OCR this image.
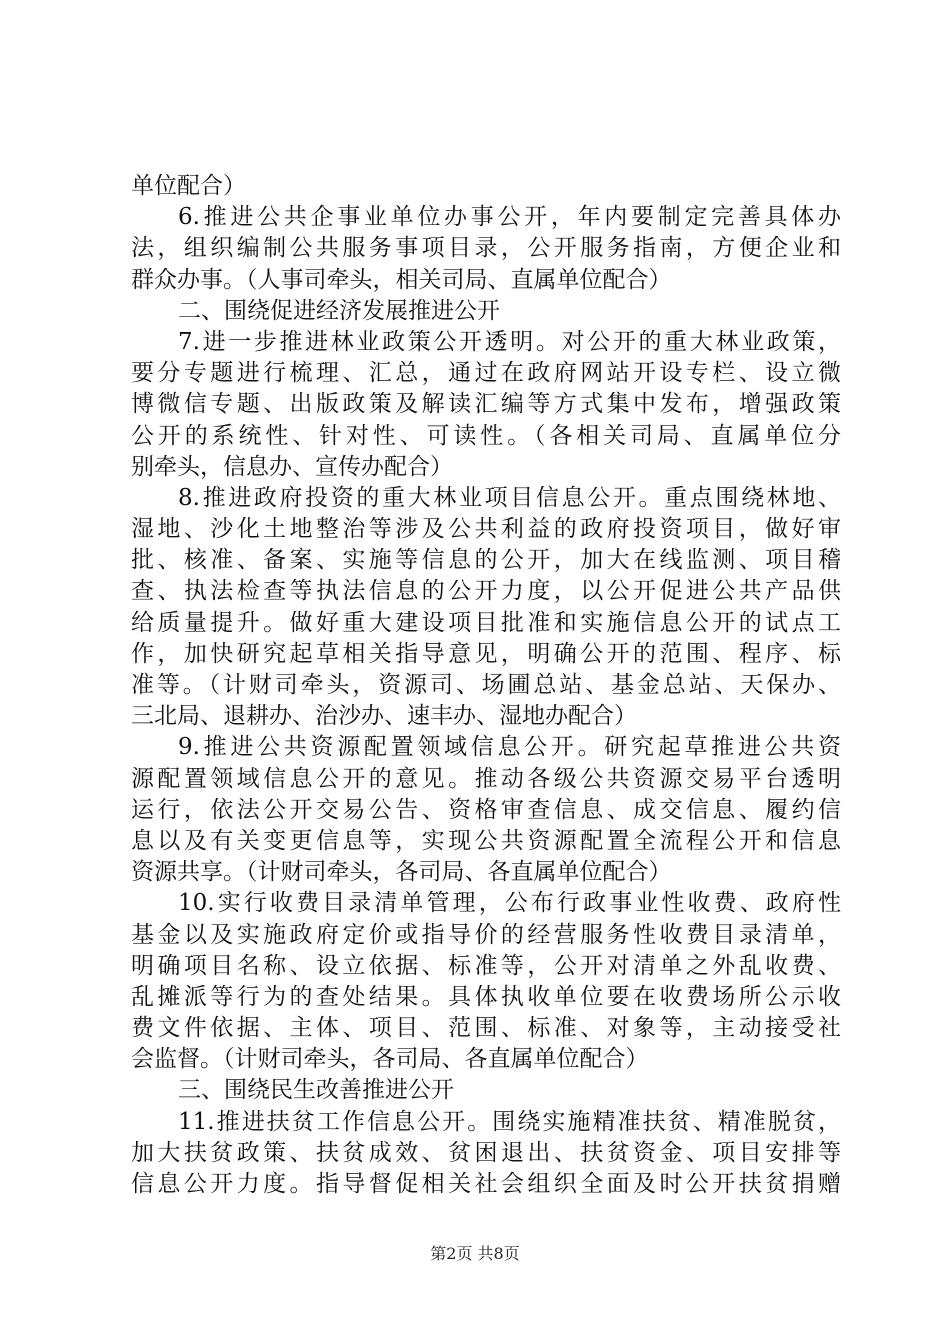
单位配合）
6.推进公共企事业单位办事公开，年内要制定完善具体办
法，组织编制公共服务事项目录，公开服务指南，方便企业和
群众办事。（人事司牵头，相关司局、直属单位配合）
二、围绕促进经济发展推进公开
7.进一步推进林业政策公开透明。对公开的重大林业政策，
要分专题进行梳理、汇总，通过在政府网站开设专栏、设立微
博微信专题、出版政策及解读汇编等方式集中发布，增强政策
公开的系统性、针对性、可读性。（各相关司局、直属单位分
别牵头，信息办、宣传办配合）
8.推进政府投资的重大林业项目信息公开。重点围绕林地、
湿地、沙化土地整治等涉及公共利益的政府投资项目，做好审
批、核准、备案、实施等信息的公开，加大在线监测、项目稽
查、执法检查等执法信息的公开力度，以公开促进公共产品供
给质量提升。做好重大建设项目批准和实施信息公开的试点工
作，加快研究起草相关指导意见，明确公开的范围、程序、标
准等。（计财司牵头，资源司、场圃总站、基金总站、天保办、
三北局、退耕办、治沙办、速丰办、湿地办配合）
9.推进公共资源配置领域信息公开。研究起草推进公共资
源配置领域信息公开的意见。推动各级公共资源交易平台透明
运行，依法公开交易公告、资格审查信息、成交信息、履约信
息以及有关变更信息等，实现公共资源配置全流程公开和信息
资源共享。（计财司牵头，各司局、各直属单位配合）
10.实行收费目录清单管理，公布行政事业性收费、政府性
基金以及实施政府定价或指导价的经营服务性收费目录清单，
明确项目名称、设立依据、标准等，公开对清单之外乱收费、
乱摊派等行为的查处结果。具体执收单位要在收费场所公示收
费文件依据、主体、项目、范围、标准、对象等，主动接受社
会监督。（计财司牵头，各司局、各直属单位配合）
三、围绕民生改善推进公开
11.推进扶贫工作信息公开。围绕实施精准扶贫、精准脱贫，
加大扶贫政策、扶贫成效、贫困退出、扶贫资金、项目安排等
信息公开力度。指导督促相关社会组织全面及时公开扶贫捐赠
第2页 共8页
